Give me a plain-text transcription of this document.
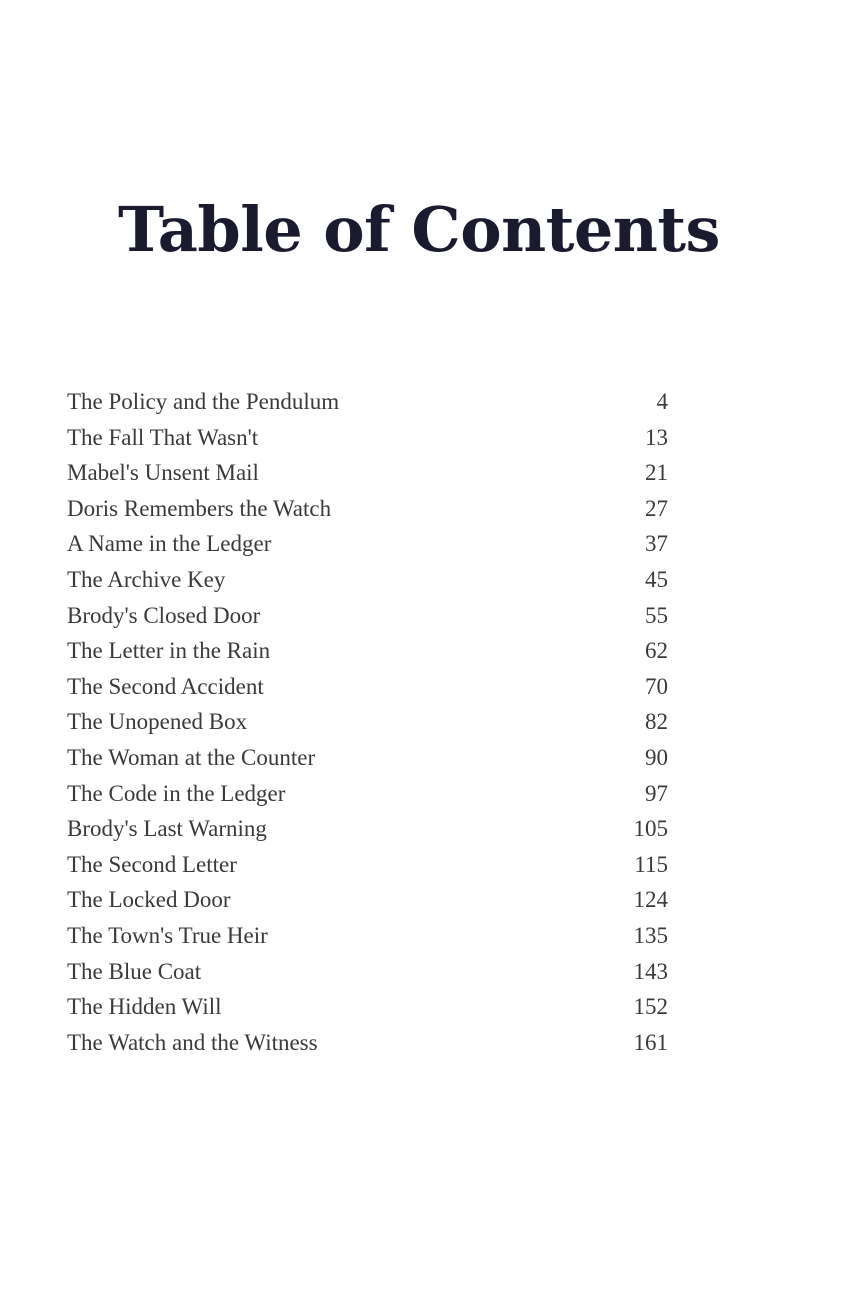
Table of Contents
The Policy and the Pendulum	4
The Fall That Wasn't	13
Mabel's Unsent Mail	21
Doris Remembers the Watch	27
A Name in the Ledger	37
The Archive Key	45
Brody's Closed Door	55
The Letter in the Rain	62
The Second Accident	70
The Unopened Box	82
The Woman at the Counter	90
The Code in the Ledger	97
Brody's Last Warning	105
The Second Letter	115
The Locked Door	124
The Town's True Heir	135
The Blue Coat	143
The Hidden Will	152
The Watch and the Witness	161
